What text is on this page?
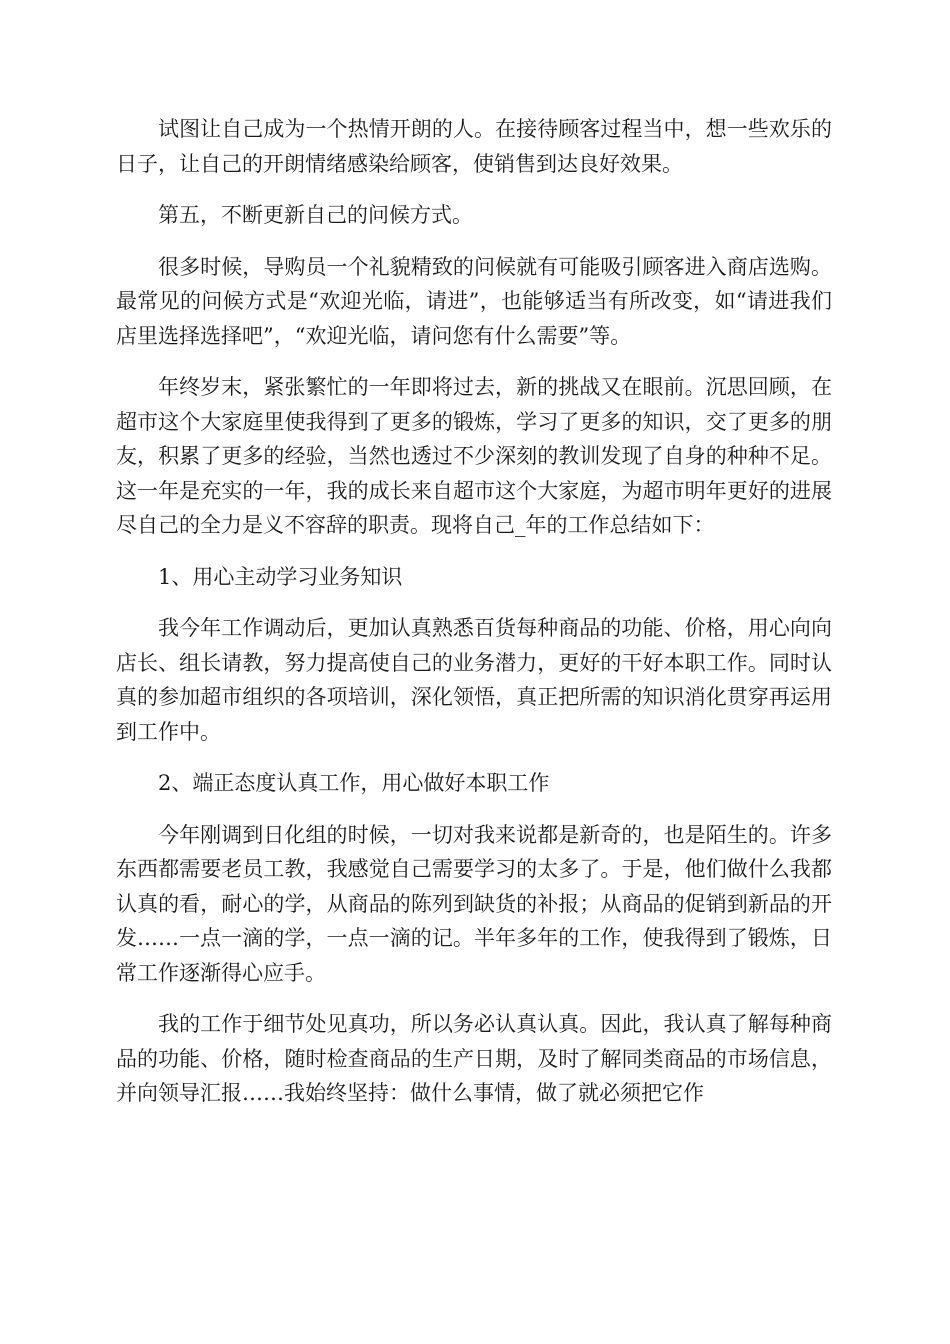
试图让自己成为一个热情开朗的人。在接待顾客过程当中，想一些欢乐的日子，让自己的开朗情绪感染给顾客，使销售到达良好效果。

第五，不断更新自己的问候方式。

很多时候，导购员一个礼貌精致的问候就有可能吸引顾客进入商店选购。最常见的问候方式是“欢迎光临，请进”，也能够适当有所改变，如“请进我们店里选择选择吧”，“欢迎光临，请问您有什么需要”等。

年终岁末，紧张繁忙的一年即将过去，新的挑战又在眼前。沉思回顾，在超市这个大家庭里使我得到了更多的锻炼，学习了更多的知识，交了更多的朋友，积累了更多的经验，当然也透过不少深刻的教训发现了自身的种种不足。这一年是充实的一年，我的成长来自超市这个大家庭，为超市明年更好的进展尽自己的全力是义不容辞的职责。现将自己_年的工作总结如下：

1、用心主动学习业务知识

我今年工作调动后，更加认真熟悉百货每种商品的功能、价格，用心向向店长、组长请教，努力提高使自己的业务潜力，更好的干好本职工作。同时认真的参加超市组织的各项培训，深化领悟，真正把所需的知识消化贯穿再运用到工作中。

2、端正态度认真工作，用心做好本职工作

今年刚调到日化组的时候，一切对我来说都是新奇的，也是陌生的。许多东西都需要老员工教，我感觉自己需要学习的太多了。于是，他们做什么我都认真的看，耐心的学，从商品的陈列到缺货的补报；从商品的促销到新品的开发……一点一滴的学，一点一滴的记。半年多年的工作，使我得到了锻炼，日常工作逐渐得心应手。

我的工作于细节处见真功，所以务必认真认真。因此，我认真了解每种商品的功能、价格，随时检查商品的生产日期，及时了解同类商品的市场信息，并向领导汇报……我始终坚持：做什么事情，做了就必须把它作
